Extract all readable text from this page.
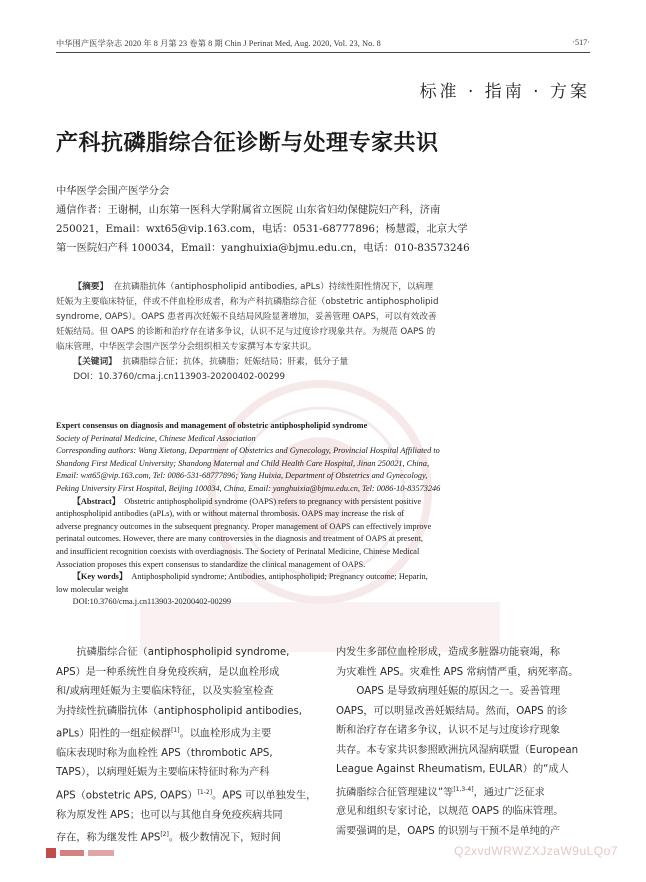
中华围产医学杂志 2020 年 8 月第 23 卷第 8 期 Chin J Perinat Med, Aug. 2020, Vol. 23, No. 8	·517·
标准 · 指南 · 方案
产科抗磷脂综合征诊断与处理专家共识
中华医学会围产医学分会
通信作者：王谢桐，山东第一医科大学附属省立医院 山东省妇幼保健院妇产科，济南
250021，Email：wxt65@vip.163.com，电话：0531-68777896；杨慧霞，北京大学
第一医院妇产科 100034，Email：yanghuixia@bjmu.edu.cn，电话：010-83573246
【摘要】 在抗磷脂抗体（antiphospholipid antibodies, aPLs）持续性阳性情况下，以病理
妊娠为主要临床特征，伴或不伴血栓形成者，称为产科抗磷脂综合征（obstetric antiphospholipid
syndrome, OAPS）。OAPS 患者再次妊娠不良结局风险显著增加，妥善管理 OAPS，可以有效改善
妊娠结局。但 OAPS 的诊断和治疗存在诸多争议，认识不足与过度诊疗现象共存。为规范 OAPS 的
临床管理，中华医学会围产医学分会组织相关专家撰写本专家共识。
【关键词】 抗磷脂综合征；抗体，抗磷脂；妊娠结局；肝素，低分子量
DOI：10.3760/cma.j.cn113903-20200402-00299
Expert consensus on diagnosis and management of obstetric antiphospholipid syndrome
Society of Perinatal Medicine, Chinese Medical Association
Corresponding authors: Wang Xietong, Department of Obstetrics and Gynecology, Provincial Hospital Affiliated to
Shandong First Medical University; Shandong Maternal and Child Health Care Hospital, Jinan 250021, China,
Email: wxt65@vip.163.com, Tel: 0086-531-68777896; Yang Huixia, Department of Obstetrics and Gynecology,
Peking University First Hospital, Beijing 100034, China, Email: yanghuixia@bjmu.edu.cn, Tel: 0086-10-83573246
【Abstract】 Obstetric antiphospholipid syndrome (OAPS) refers to pregnancy with persistent positive
antiphospholipid antibodies (aPLs), with or without maternal thrombosis. OAPS may increase the risk of
adverse pregnancy outcomes in the subsequent pregnancy. Proper management of OAPS can effectively improve
perinatal outcomes. However, there are many controversies in the diagnosis and treatment of OAPS at present,
and insufficient recognition coexists with overdiagnosis. The Society of Perinatal Medicine, Chinese Medical
Association proposes this expert consensus to standardize the clinical management of OAPS.
【Key words】 Antiphospholipid syndrome; Antibodies, antiphospholipid; Pregnancy outcome; Heparin,
low molecular weight
DOI:10.3760/cma.j.cn113903-20200402-00299
抗磷脂综合征（antiphospholipid syndrome,
APS）是一种系统性自身免疫疾病，是以血栓形成
和/或病理妊娠为主要临床特征，以及实验室检查
为持续性抗磷脂抗体（antiphospholipid antibodies,
aPLs）阳性的一组症候群[1]。以血栓形成为主要
临床表现时称为血栓性 APS（thrombotic APS,
TAPS），以病理妊娠为主要临床特征时称为产科
APS（obstetric APS, OAPS）[1-2]。APS 可以单独发生，
称为原发性 APS；也可以与其他自身免疫疾病共同
存在，称为继发性 APS[2]。极少数情况下，短时间
内发生多部位血栓形成，造成多脏器功能衰竭，称
为灾难性 APS。灾难性 APS 常病情严重，病死率高。
OAPS 是导致病理妊娠的原因之一。妥善管理
OAPS，可以明显改善妊娠结局。然而，OAPS 的诊
断和治疗存在诸多争议，认识不足与过度诊疗现象
共存。本专家共识参照欧洲抗风湿病联盟（European
League Against Rheumatism, EULAR）的“成人
抗磷脂综合征管理建议”等[1,3-4]，通过广泛征求
意见和组织专家讨论，以规范 OAPS 的临床管理。
需要强调的是，OAPS 的识别与干预不是单纯的产
Q2xvdWRWZXJzaW9uLQo7
